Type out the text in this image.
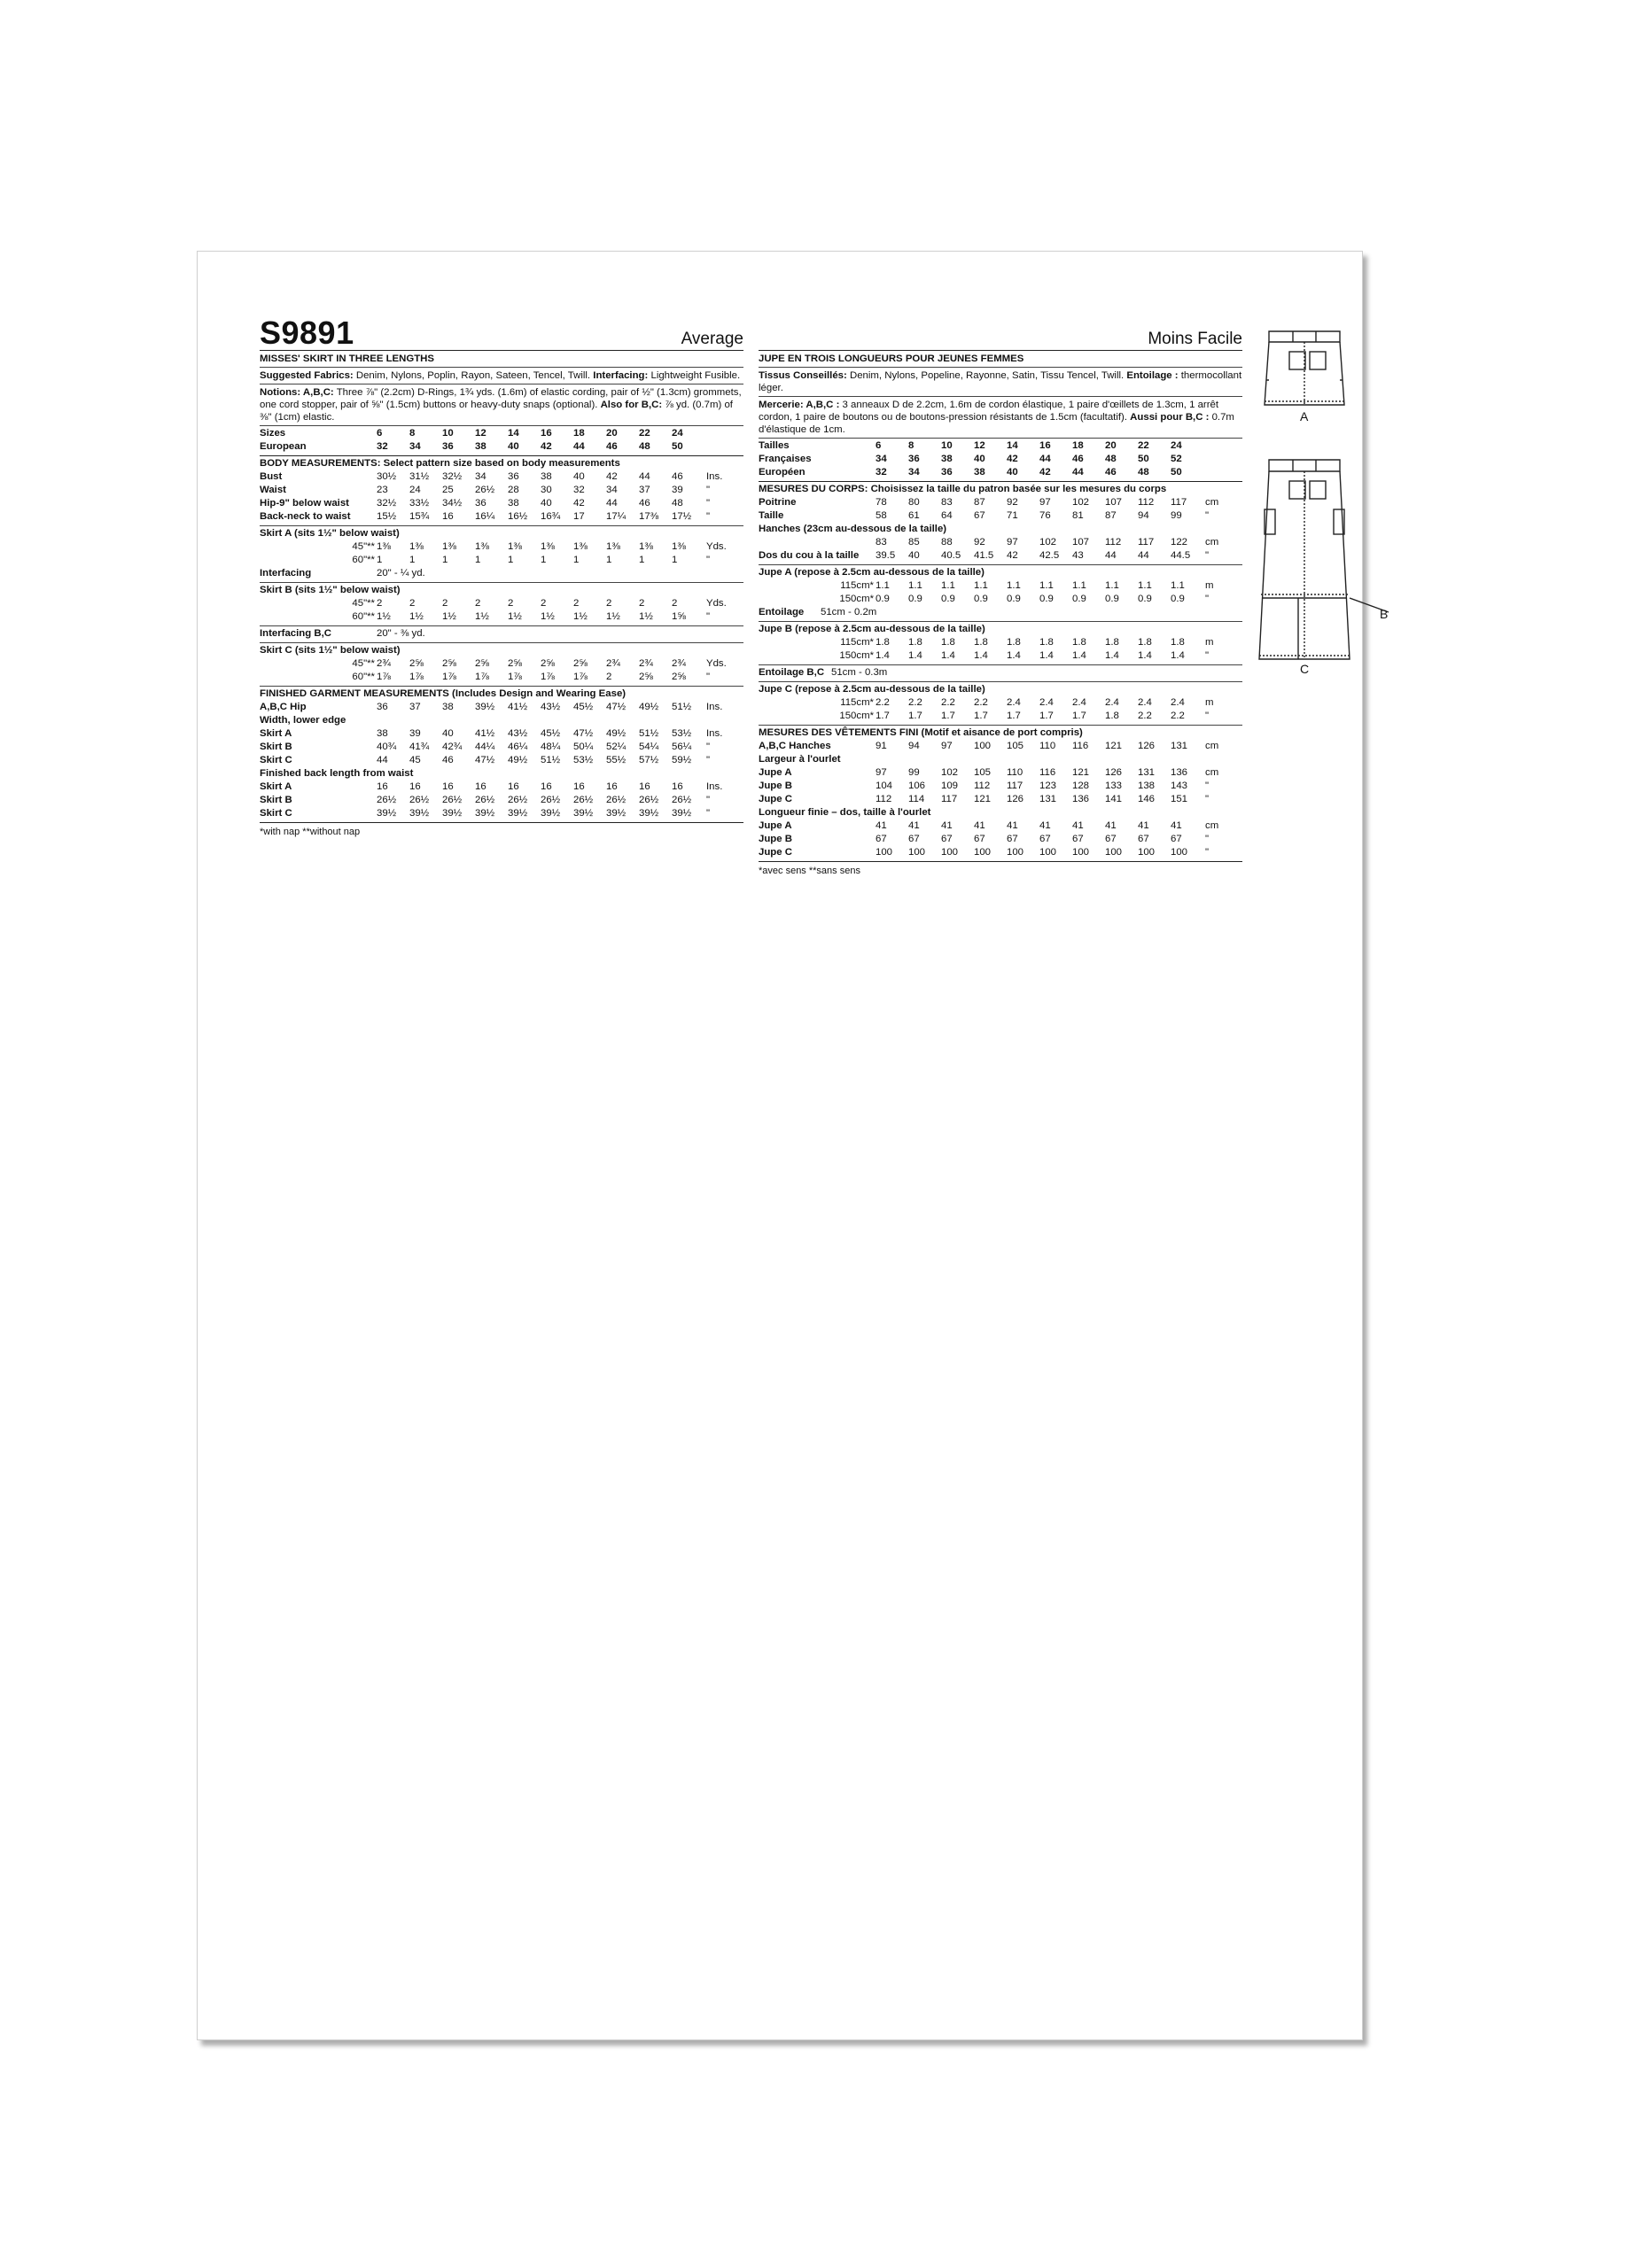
S9891	Average
MISSES' SKIRT IN THREE LENGTHS
Suggested Fabrics: Denim, Nylons, Poplin, Rayon, Sateen, Tencel, Twill. Interfacing: Lightweight Fusible.
Notions: A,B,C: Three ⅞" (2.2cm) D-Rings, 1¾ yds. (1.6m) of elastic cording, pair of ½" (1.3cm) grommets, one cord stopper, pair of ⅝" (1.5cm) buttons or heavy-duty snaps (optional). Also for B,C: ⅞ yd. (0.7m) of ⅜" (1cm) elastic.
Sizes	6	8	10	12	14	16	18	20	22	24	
European	32	34	36	38	40	42	44	46	48	50	
BODY MEASUREMENTS: Select pattern size based on body measurements
Bust	30½	31½	32½	34	36	38	40	42	44	46	Ins.
Waist	23	24	25	26½	28	30	32	34	37	39	"
Hip-9" below waist	32½	33½	34½	36	38	40	42	44	46	48	"
Back-neck to waist	15½	15¾	16	16¼	16½	16¾	17	17¼	17⅜	17½	"
Skirt A (sits 1½" below waist)
45"**	1⅜	1⅜	1⅜	1⅜	1⅜	1⅜	1⅜	1⅜	1⅜	1⅜	Yds.
60"**	1	1	1	1	1	1	1	1	1	1	"
Interfacing	20" - ¼ yd.
Skirt B (sits 1½" below waist)
45"**	2	2	2	2	2	2	2	2	2	2	Yds.
60"**	1½	1½	1½	1½	1½	1½	1½	1½	1½	1⅝	"
Interfacing B,C	20" - ⅜ yd.
Skirt C (sits 1½" below waist)
45"**	2¾	2⅝	2⅝	2⅝	2⅝	2⅝	2⅝	2¾	2¾	2¾	Yds.
60"**	1⅞	1⅞	1⅞	1⅞	1⅞	1⅞	1⅞	2	2⅝	2⅝	"
FINISHED GARMENT MEASUREMENTS (Includes Design and Wearing Ease)
A,B,C Hip	36	37	38	39½	41½	43½	45½	47½	49½	51½	Ins.
Width, lower edge
Skirt A	38	39	40	41½	43½	45½	47½	49½	51½	53½	Ins.
Skirt B	40¾	41¾	42¾	44¼	46¼	48¼	50¼	52¼	54¼	56¼	"
Skirt C	44	45	46	47½	49½	51½	53½	55½	57½	59½	"
Finished back length from waist
Skirt A	16	16	16	16	16	16	16	16	16	16	Ins.
Skirt B	26½	26½	26½	26½	26½	26½	26½	26½	26½	26½	"
Skirt C	39½	39½	39½	39½	39½	39½	39½	39½	39½	39½	"
*with nap **without nap
Moins Facile
JUPE EN TROIS LONGUEURS POUR JEUNES FEMMES
Tissus Conseillés: Denim, Nylons, Popeline, Rayonne, Satin, Tissu Tencel, Twill. Entoilage : thermocollant léger.
Mercerie: A,B,C : 3 anneaux D de 2.2cm, 1.6m de cordon élastique, 1 paire d'œillets de 1.3cm, 1 arrêt cordon, 1 paire de boutons ou de boutons-pression résistants de 1.5cm (facultatif). Aussi pour B,C : 0.7m d'élastique de 1cm.
Tailles	6	8	10	12	14	16	18	20	22	24	
Françaises	34	36	38	40	42	44	46	48	50	52	
Européen	32	34	36	38	40	42	44	46	48	50	
MESURES DU CORPS: Choisissez la taille du patron basée sur les mesures du corps
Poitrine	78	80	83	87	92	97	102	107	112	117	cm
Taille	58	61	64	67	71	76	81	87	94	99	"
Hanches (23cm au-dessous de la taille)
	83	85	88	92	97	102	107	112	117	122	cm
Dos du cou à la taille	39.5	40	40.5	41.5	42	42.5	43	44	44	44.5	"
Jupe A (repose à 2.5cm au-dessous de la taille)
115cm*	1.1	1.1	1.1	1.1	1.1	1.1	1.1	1.1	1.1	1.1	m
150cm*	0.9	0.9	0.9	0.9	0.9	0.9	0.9	0.9	0.9	0.9	"
Entoilage 51cm - 0.2m
Jupe B (repose à 2.5cm au-dessous de la taille)
115cm*	1.8	1.8	1.8	1.8	1.8	1.8	1.8	1.8	1.8	1.8	m
150cm*	1.4	1.4	1.4	1.4	1.4	1.4	1.4	1.4	1.4	1.4	"
Entoilage B,C 51cm - 0.3m
Jupe C (repose à 2.5cm au-dessous de la taille)
115cm*	2.2	2.2	2.2	2.2	2.4	2.4	2.4	2.4	2.4	2.4	m
150cm*	1.7	1.7	1.7	1.7	1.7	1.7	1.7	1.8	2.2	2.2	"
MESURES DES VÊTEMENTS FINI (Motif et aisance de port compris)
A,B,C Hanches	91	94	97	100	105	110	116	121	126	131	cm
Largeur à l'ourlet
Jupe A	97	99	102	105	110	116	121	126	131	136	cm
Jupe B	104	106	109	112	117	123	128	133	138	143	"
Jupe C	112	114	117	121	126	131	136	141	146	151	"
Longueur finie – dos, taille à l'ourlet
Jupe A	41	41	41	41	41	41	41	41	41	41	cm
Jupe B	67	67	67	67	67	67	67	67	67	67	"
Jupe C	100	100	100	100	100	100	100	100	100	100	"
*avec sens **sans sens
A
B
C
